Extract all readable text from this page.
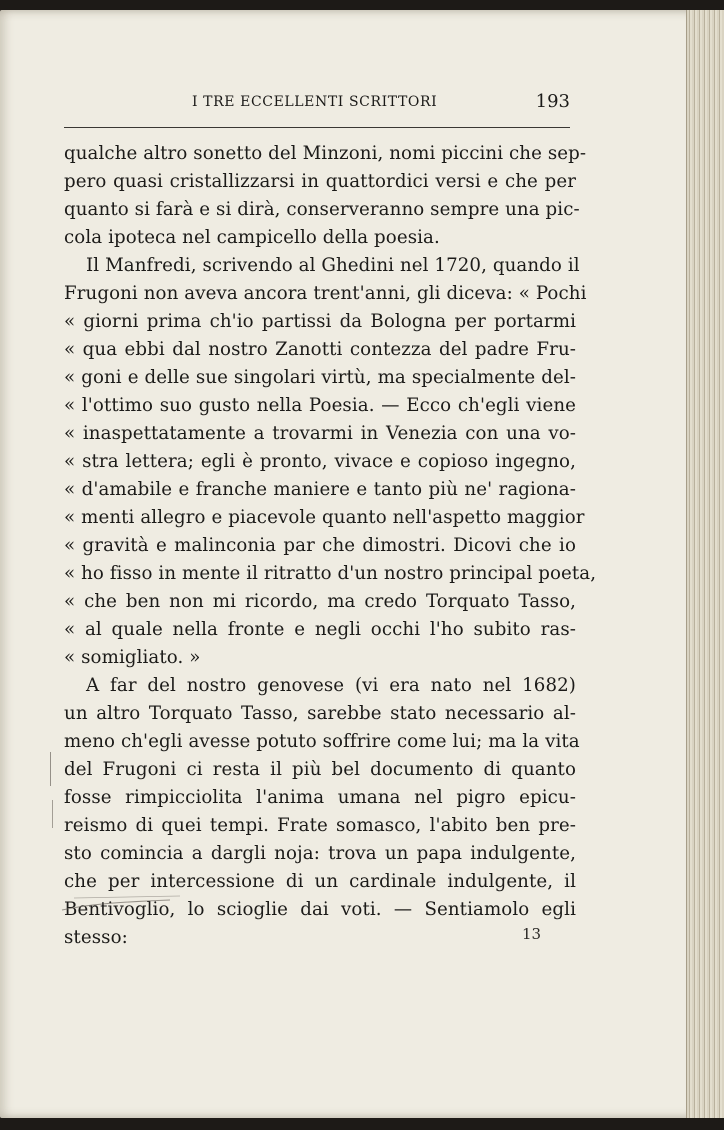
I TRE ECCELLENTI SCRITTORI	193
qualche altro sonetto del Minzoni, nomi piccini che sep-
pero quasi cristallizzarsi in quattordici versi e che per
quanto si farà e si dirà, conserveranno sempre una pic-
cola ipoteca nel campicello della poesia.
Il Manfredi, scrivendo al Ghedini nel 1720, quando il
Frugoni non aveva ancora trent'anni, gli diceva: « Pochi
« giorni prima ch'io partissi da Bologna per portarmi
« qua ebbi dal nostro Zanotti contezza del padre Fru-
« goni e delle sue singolari virtù, ma specialmente del-
« l'ottimo suo gusto nella Poesia. — Ecco ch'egli viene
« inaspettatamente a trovarmi in Venezia con una vo-
« stra lettera; egli è pronto, vivace e copioso ingegno,
« d'amabile e franche maniere e tanto più ne' ragiona-
« menti allegro e piacevole quanto nell'aspetto maggior
« gravità e malinconia par che dimostri. Dicovi che io
« ho fisso in mente il ritratto d'un nostro principal poeta,
« che ben non mi ricordo, ma credo Torquato Tasso,
« al quale nella fronte e negli occhi l'ho subito ras-
« somigliato. »
A far del nostro genovese (vi era nato nel 1682)
un altro Torquato Tasso, sarebbe stato necessario al-
meno ch'egli avesse potuto soffrire come lui; ma la vita
del Frugoni ci resta il più bel documento di quanto
fosse rimpicciolita l'anima umana nel pigro epicu-
reismo di quei tempi. Frate somasco, l'abito ben pre-
sto comincia a dargli noja: trova un papa indulgente,
che per intercessione di un cardinale indulgente, il
Bentivoglio, lo scioglie dai voti. — Sentiamolo egli
stesso:	13
